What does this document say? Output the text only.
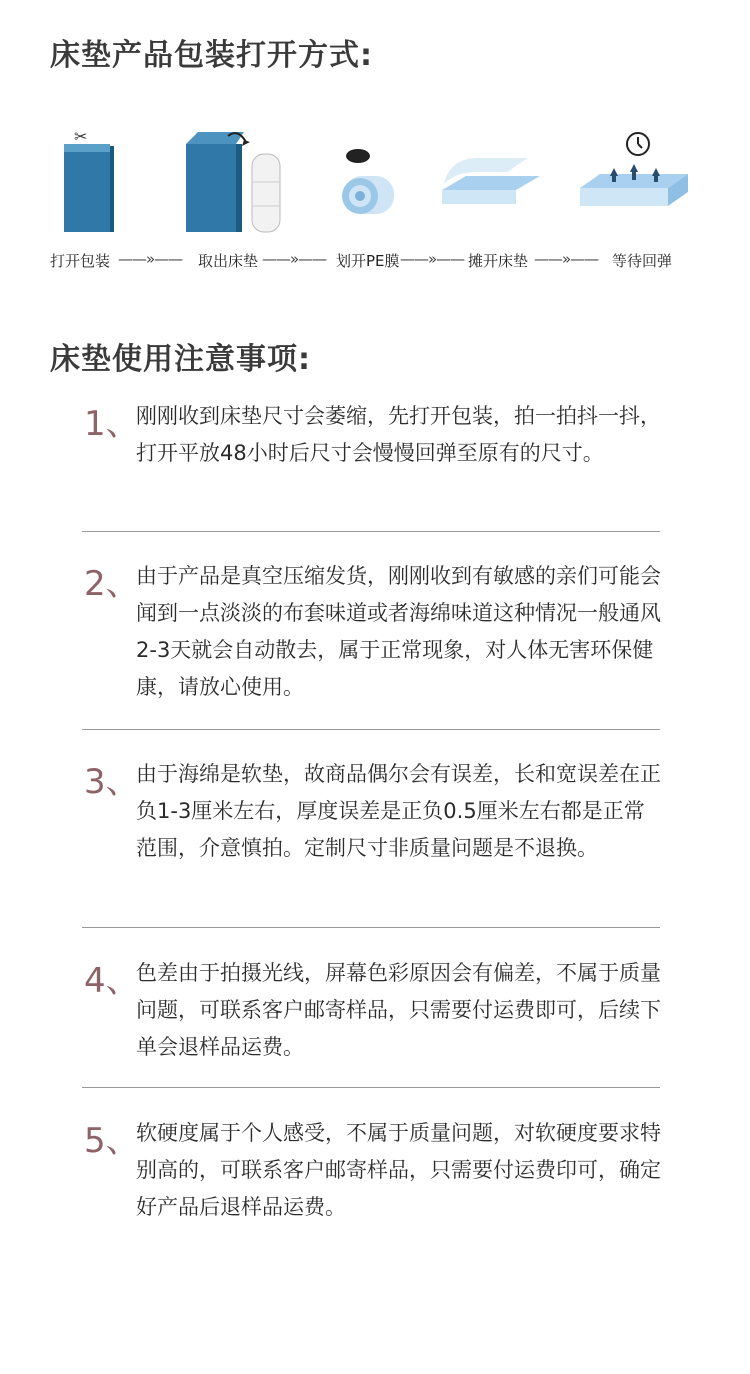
床垫产品包装打开方式:
✂
打开包装 ——»—— 取出床垫 ——»—— 划开PE膜 ——»—— 摊开床垫 ——»—— 等待回弹
床垫使用注意事项:
1、
刚刚收到床垫尺寸会萎缩，先打开包装，拍一拍抖一抖，打开平放48小时后尺寸会慢慢回弹至原有的尺寸。
2、
由于产品是真空压缩发货，刚刚收到有敏感的亲们可能会闻到一点淡淡的布套味道或者海绵味道这种情况一般通风2-3天就会自动散去，属于正常现象，对人体无害环保健康，请放心使用。
3、
由于海绵是软垫，故商品偶尔会有误差，长和宽误差在正负1-3厘米左右，厚度误差是正负0.5厘米左右都是正常范围，介意慎拍。定制尺寸非质量问题是不退换。
4、
色差由于拍摄光线，屏幕色彩原因会有偏差，不属于质量问题，可联系客户邮寄样品，只需要付运费即可，后续下单会退样品运费。
5、
软硬度属于个人感受，不属于质量问题，对软硬度要求特别高的，可联系客户邮寄样品，只需要付运费印可，确定好产品后退样品运费。
